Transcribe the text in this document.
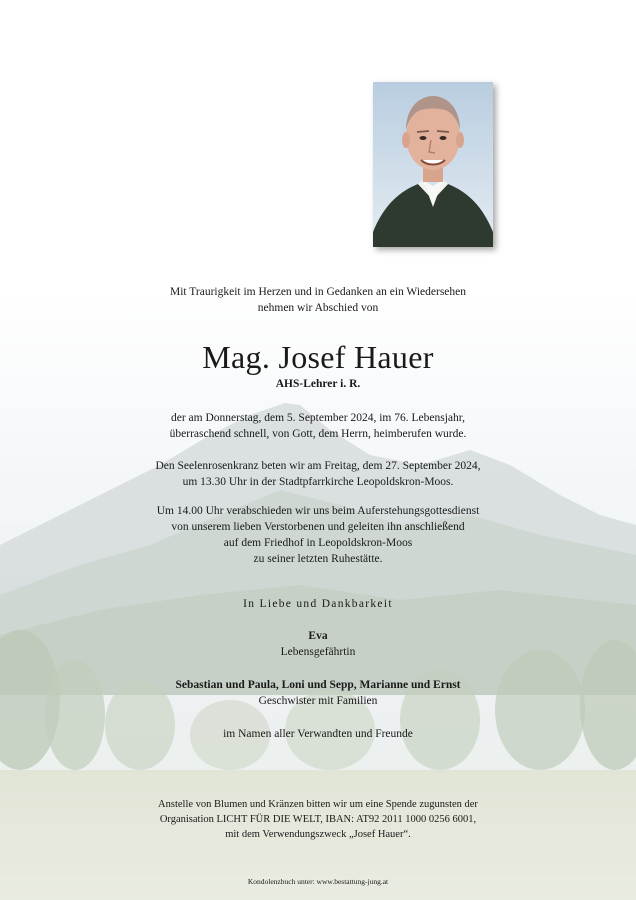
Mit Traurigkeit im Herzen und in Gedanken an ein Wiedersehen
nehmen wir Abschied von
Mag. Josef Hauer
AHS-Lehrer i. R.
der am Donnerstag, dem 5. September 2024, im 76. Lebensjahr,
überraschend schnell, von Gott, dem Herrn, heimberufen wurde.
Den Seelenrosenkranz beten wir am Freitag, dem 27. September 2024,
um 13.30 Uhr in der Stadtpfarrkirche Leopoldskron-Moos.
Um 14.00 Uhr verabschieden wir uns beim Auferstehungsgottesdienst
von unserem lieben Verstorbenen und geleiten ihn anschließend
auf dem Friedhof in Leopoldskron-Moos
zu seiner letzten Ruhestätte.
In Liebe und Dankbarkeit
Eva
Lebensgefährtin
Sebastian und Paula, Loni und Sepp, Marianne und Ernst
Geschwister mit Familien
im Namen aller Verwandten und Freunde
Anstelle von Blumen und Kränzen bitten wir um eine Spende zugunsten der
Organisation LICHT FÜR DIE WELT, IBAN: AT92 2011 1000 0256 6001,
mit dem Verwendungszweck „Josef Hauer“.
Kondolenzbuch unter: www.bestattung-jung.at
